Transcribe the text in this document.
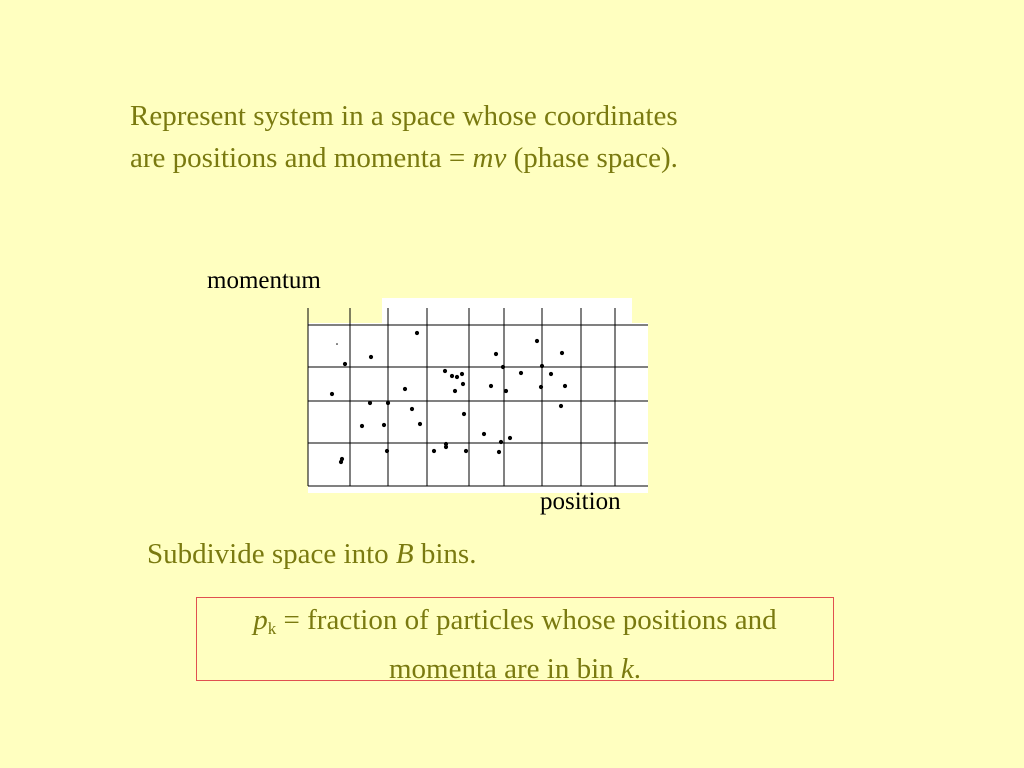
Represent system in a space whose coordinates
are positions and momenta = mv (phase space).
momentum
position
Subdivide space into B bins.
$p_k$ = fraction of particles whose positions and
momenta are in bin k.
